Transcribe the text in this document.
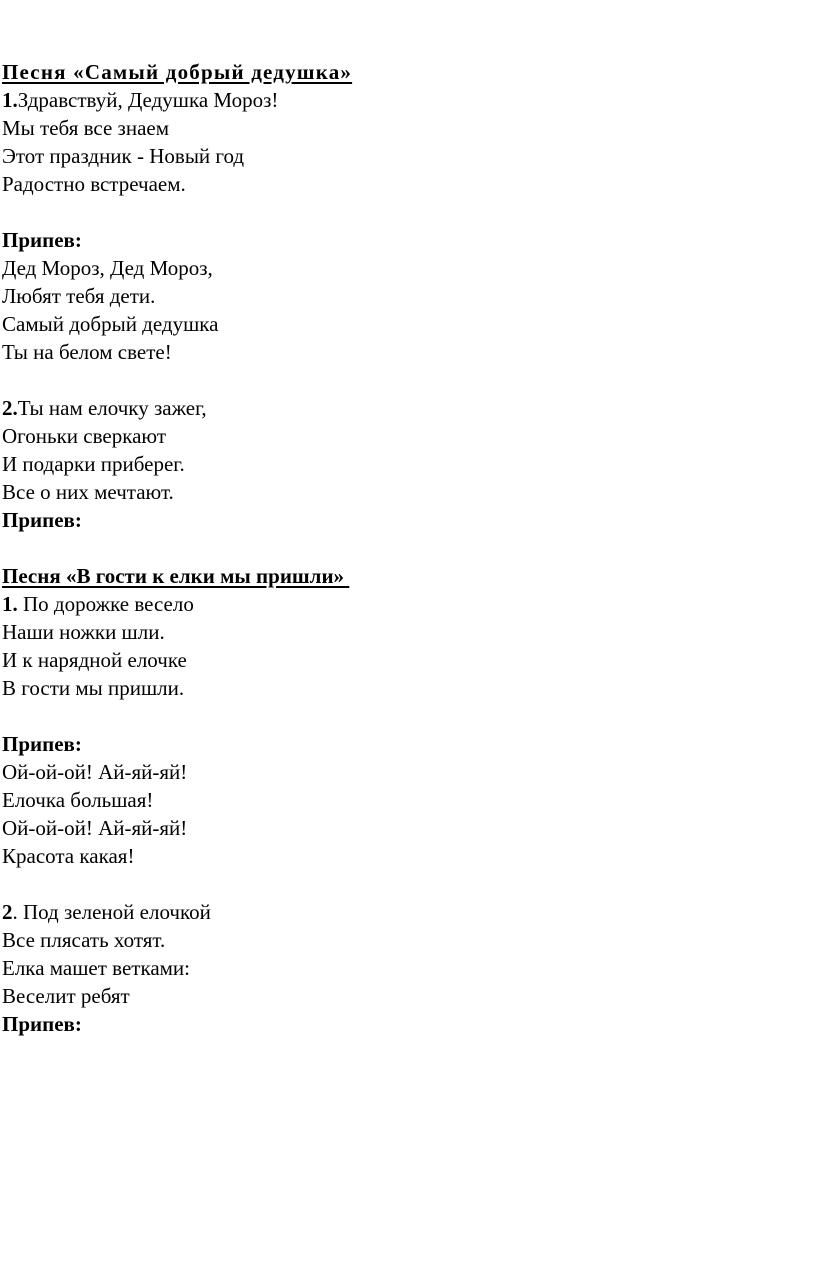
Песня «Самый добрый дедушка»
1.Здравствуй, Дедушка Мороз!
Мы тебя все знаем
Этот праздник - Новый год
Радостно встречаем.
Припев:
Дед Мороз, Дед Мороз,
Любят тебя дети.
Самый добрый дедушка
Ты на белом свете!
2.Ты нам елочку зажег,
Огоньки сверкают
И подарки приберег.
Все о них мечтают.
Припев:
Песня «В гости к елки мы пришли»
1. По дорожке весело
Наши ножки шли.
И к нарядной елочке
В гости мы пришли.
Припев:
Ой-ой-ой! Ай-яй-яй!
Елочка большая!
Ой-ой-ой! Ай-яй-яй!
Красота какая!
2. Под зеленой елочкой
Все плясать хотят.
Елка машет ветками:
Веселит ребят
Припев:
